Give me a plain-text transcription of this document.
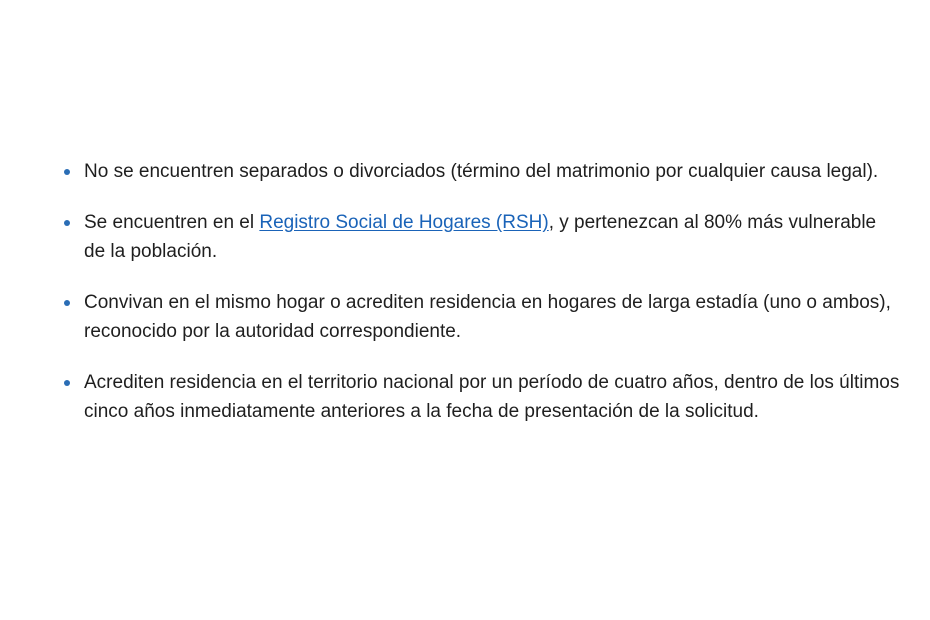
No se encuentren separados o divorciados (término del matrimonio por cualquier causa legal).
Se encuentren en el Registro Social de Hogares (RSH), y pertenezcan al 80% más vulnerable de la población.
Convivan en el mismo hogar o acrediten residencia en hogares de larga estadía (uno o ambos), reconocido por la autoridad correspondiente.
Acrediten residencia en el territorio nacional por un período de cuatro años, dentro de los últimos cinco años inmediatamente anteriores a la fecha de presentación de la solicitud.
